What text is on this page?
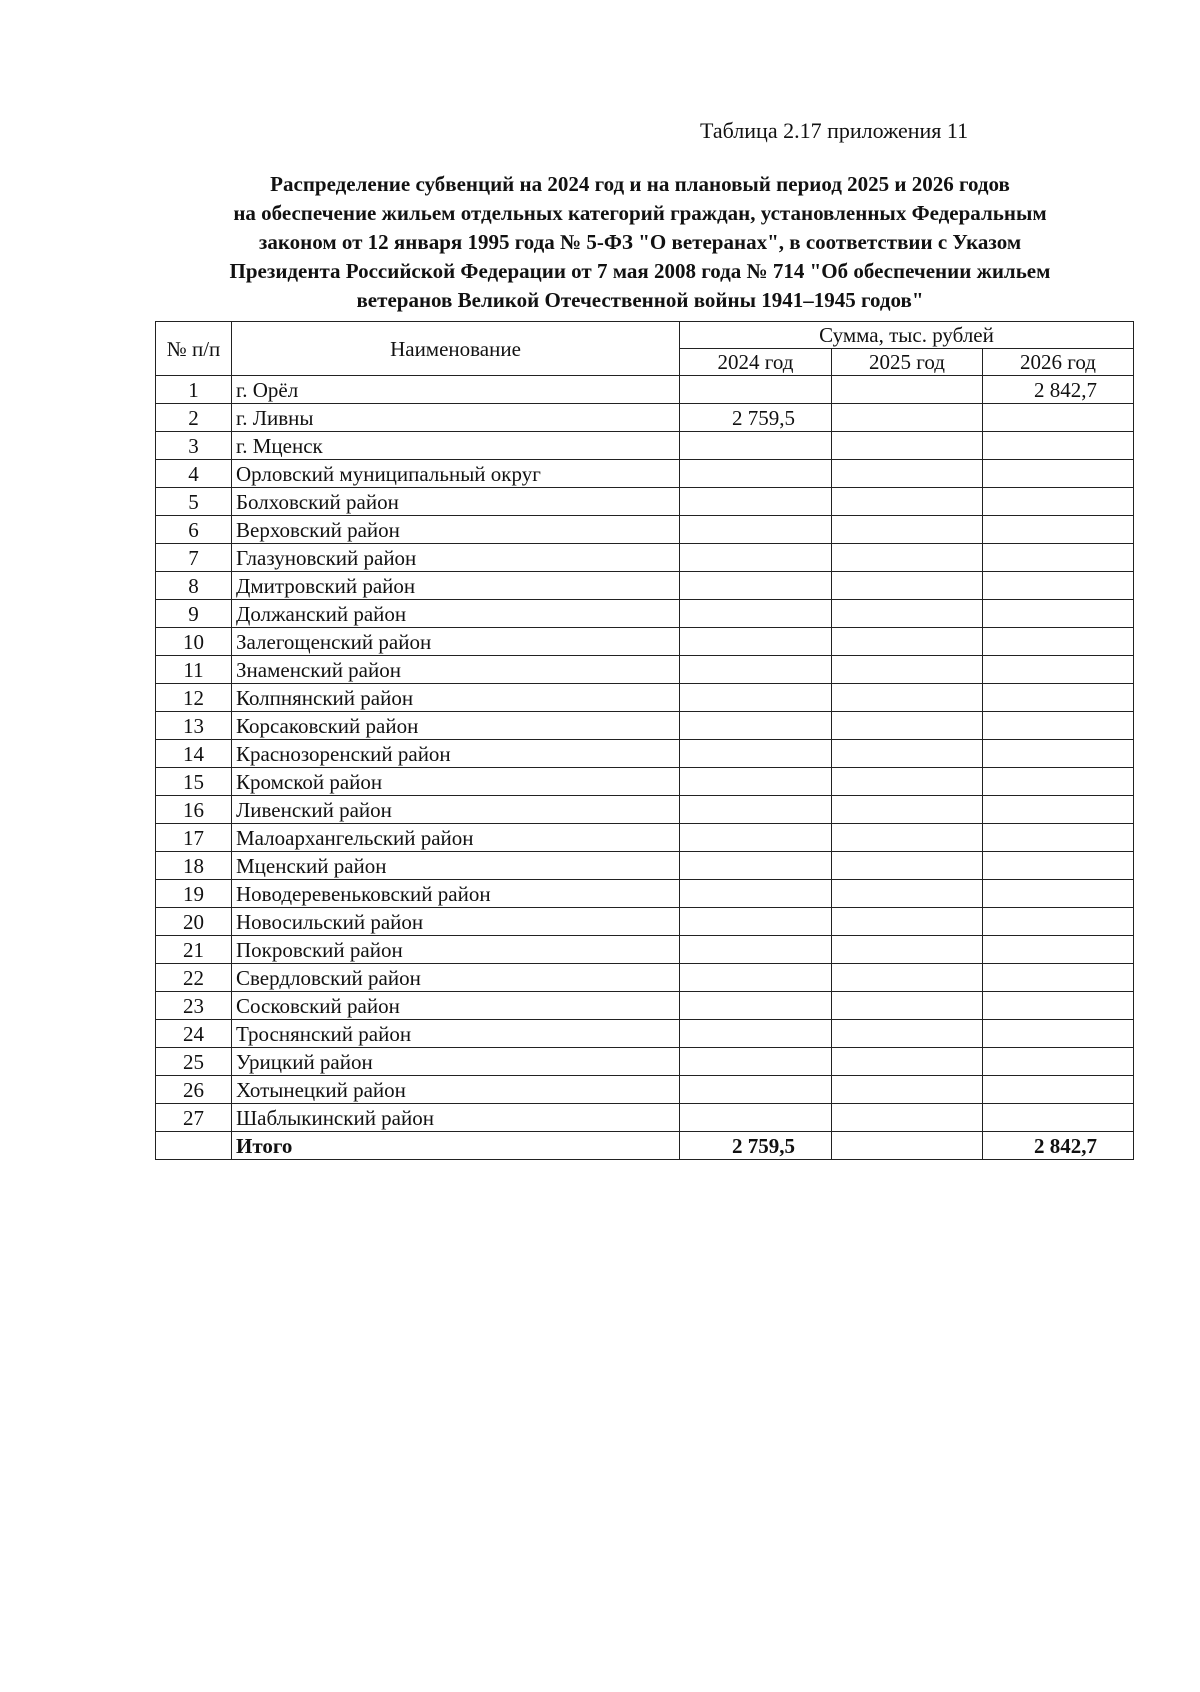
Таблица 2.17 приложения 11
Распределение субвенций на 2024 год и на плановый период 2025 и 2026 годов
на обеспечение жильем отдельных категорий граждан, установленных Федеральным
законом от 12 января 1995 года № 5-ФЗ "О ветеранах", в соответствии с Указом
Президента Российской Федерации от 7 мая 2008 года № 714 "Об обеспечении жильем
ветеранов Великой Отечественной войны 1941–1945 годов"
№ п/п	Наименование	Сумма, тыс. рублей		
		2024 год	2025 год	2026 год
1	г. Орёл			2 842,7
2	г. Ливны	2 759,5		
3	г. Мценск			
4	Орловский муниципальный округ			
5	Болховский район			
6	Верховский район			
7	Глазуновский район			
8	Дмитровский район			
9	Должанский район			
10	Залегощенский район			
11	Знаменский район			
12	Колпнянский район			
13	Корсаковский район			
14	Краснозоренский район			
15	Кромской район			
16	Ливенский район			
17	Малоархангельский район			
18	Мценский район			
19	Новодеревеньковский район			
20	Новосильский район			
21	Покровский район			
22	Свердловский район			
23	Сосковский район			
24	Троснянский район			
25	Урицкий район			
26	Хотынецкий район			
27	Шаблыкинский район			
	Итого	2 759,5		2 842,7
